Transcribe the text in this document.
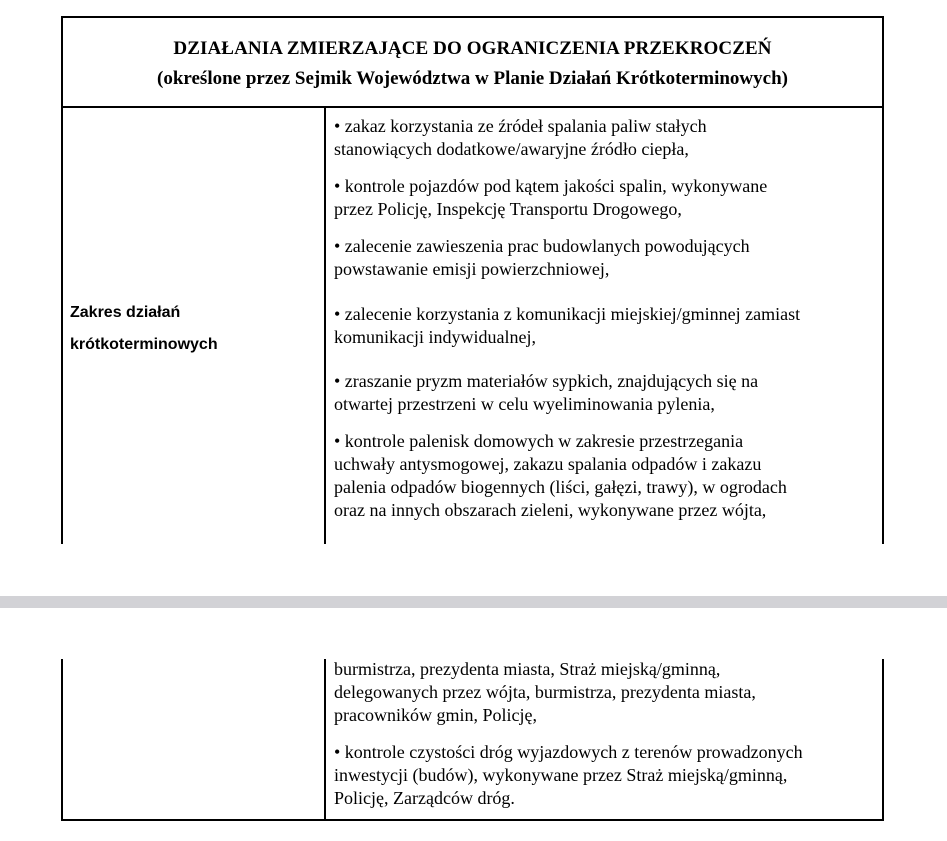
DZIAŁANIA ZMIERZAJĄCE DO OGRANICZENIA PRZEKROCZEŃ
(określone przez Sejmik Województwa w Planie Działań Krótkoterminowych)
Zakres działań
krótkoterminowych
• zakaz korzystania ze źródeł spalania paliw stałych
stanowiących dodatkowe/awaryjne źródło ciepła,
• kontrole pojazdów pod kątem jakości spalin, wykonywane
przez Policję, Inspekcję Transportu Drogowego,
• zalecenie zawieszenia prac budowlanych powodujących
powstawanie emisji powierzchniowej,
• zalecenie korzystania z komunikacji miejskiej/gminnej zamiast
komunikacji indywidualnej,
• zraszanie pryzm materiałów sypkich, znajdujących się na
otwartej przestrzeni w celu wyeliminowania pylenia,
• kontrole palenisk domowych w zakresie przestrzegania
uchwały antysmogowej, zakazu spalania odpadów i zakazu
palenia odpadów biogennych (liści, gałęzi, trawy), w ogrodach
oraz na innych obszarach zieleni, wykonywane przez wójta,
burmistrza, prezydenta miasta, Straż miejską/gminną,
delegowanych przez wójta, burmistrza, prezydenta miasta,
pracowników gmin, Policję,
• kontrole czystości dróg wyjazdowych z terenów prowadzonych
inwestycji (budów), wykonywane przez Straż miejską/gminną,
Policję, Zarządców dróg.
